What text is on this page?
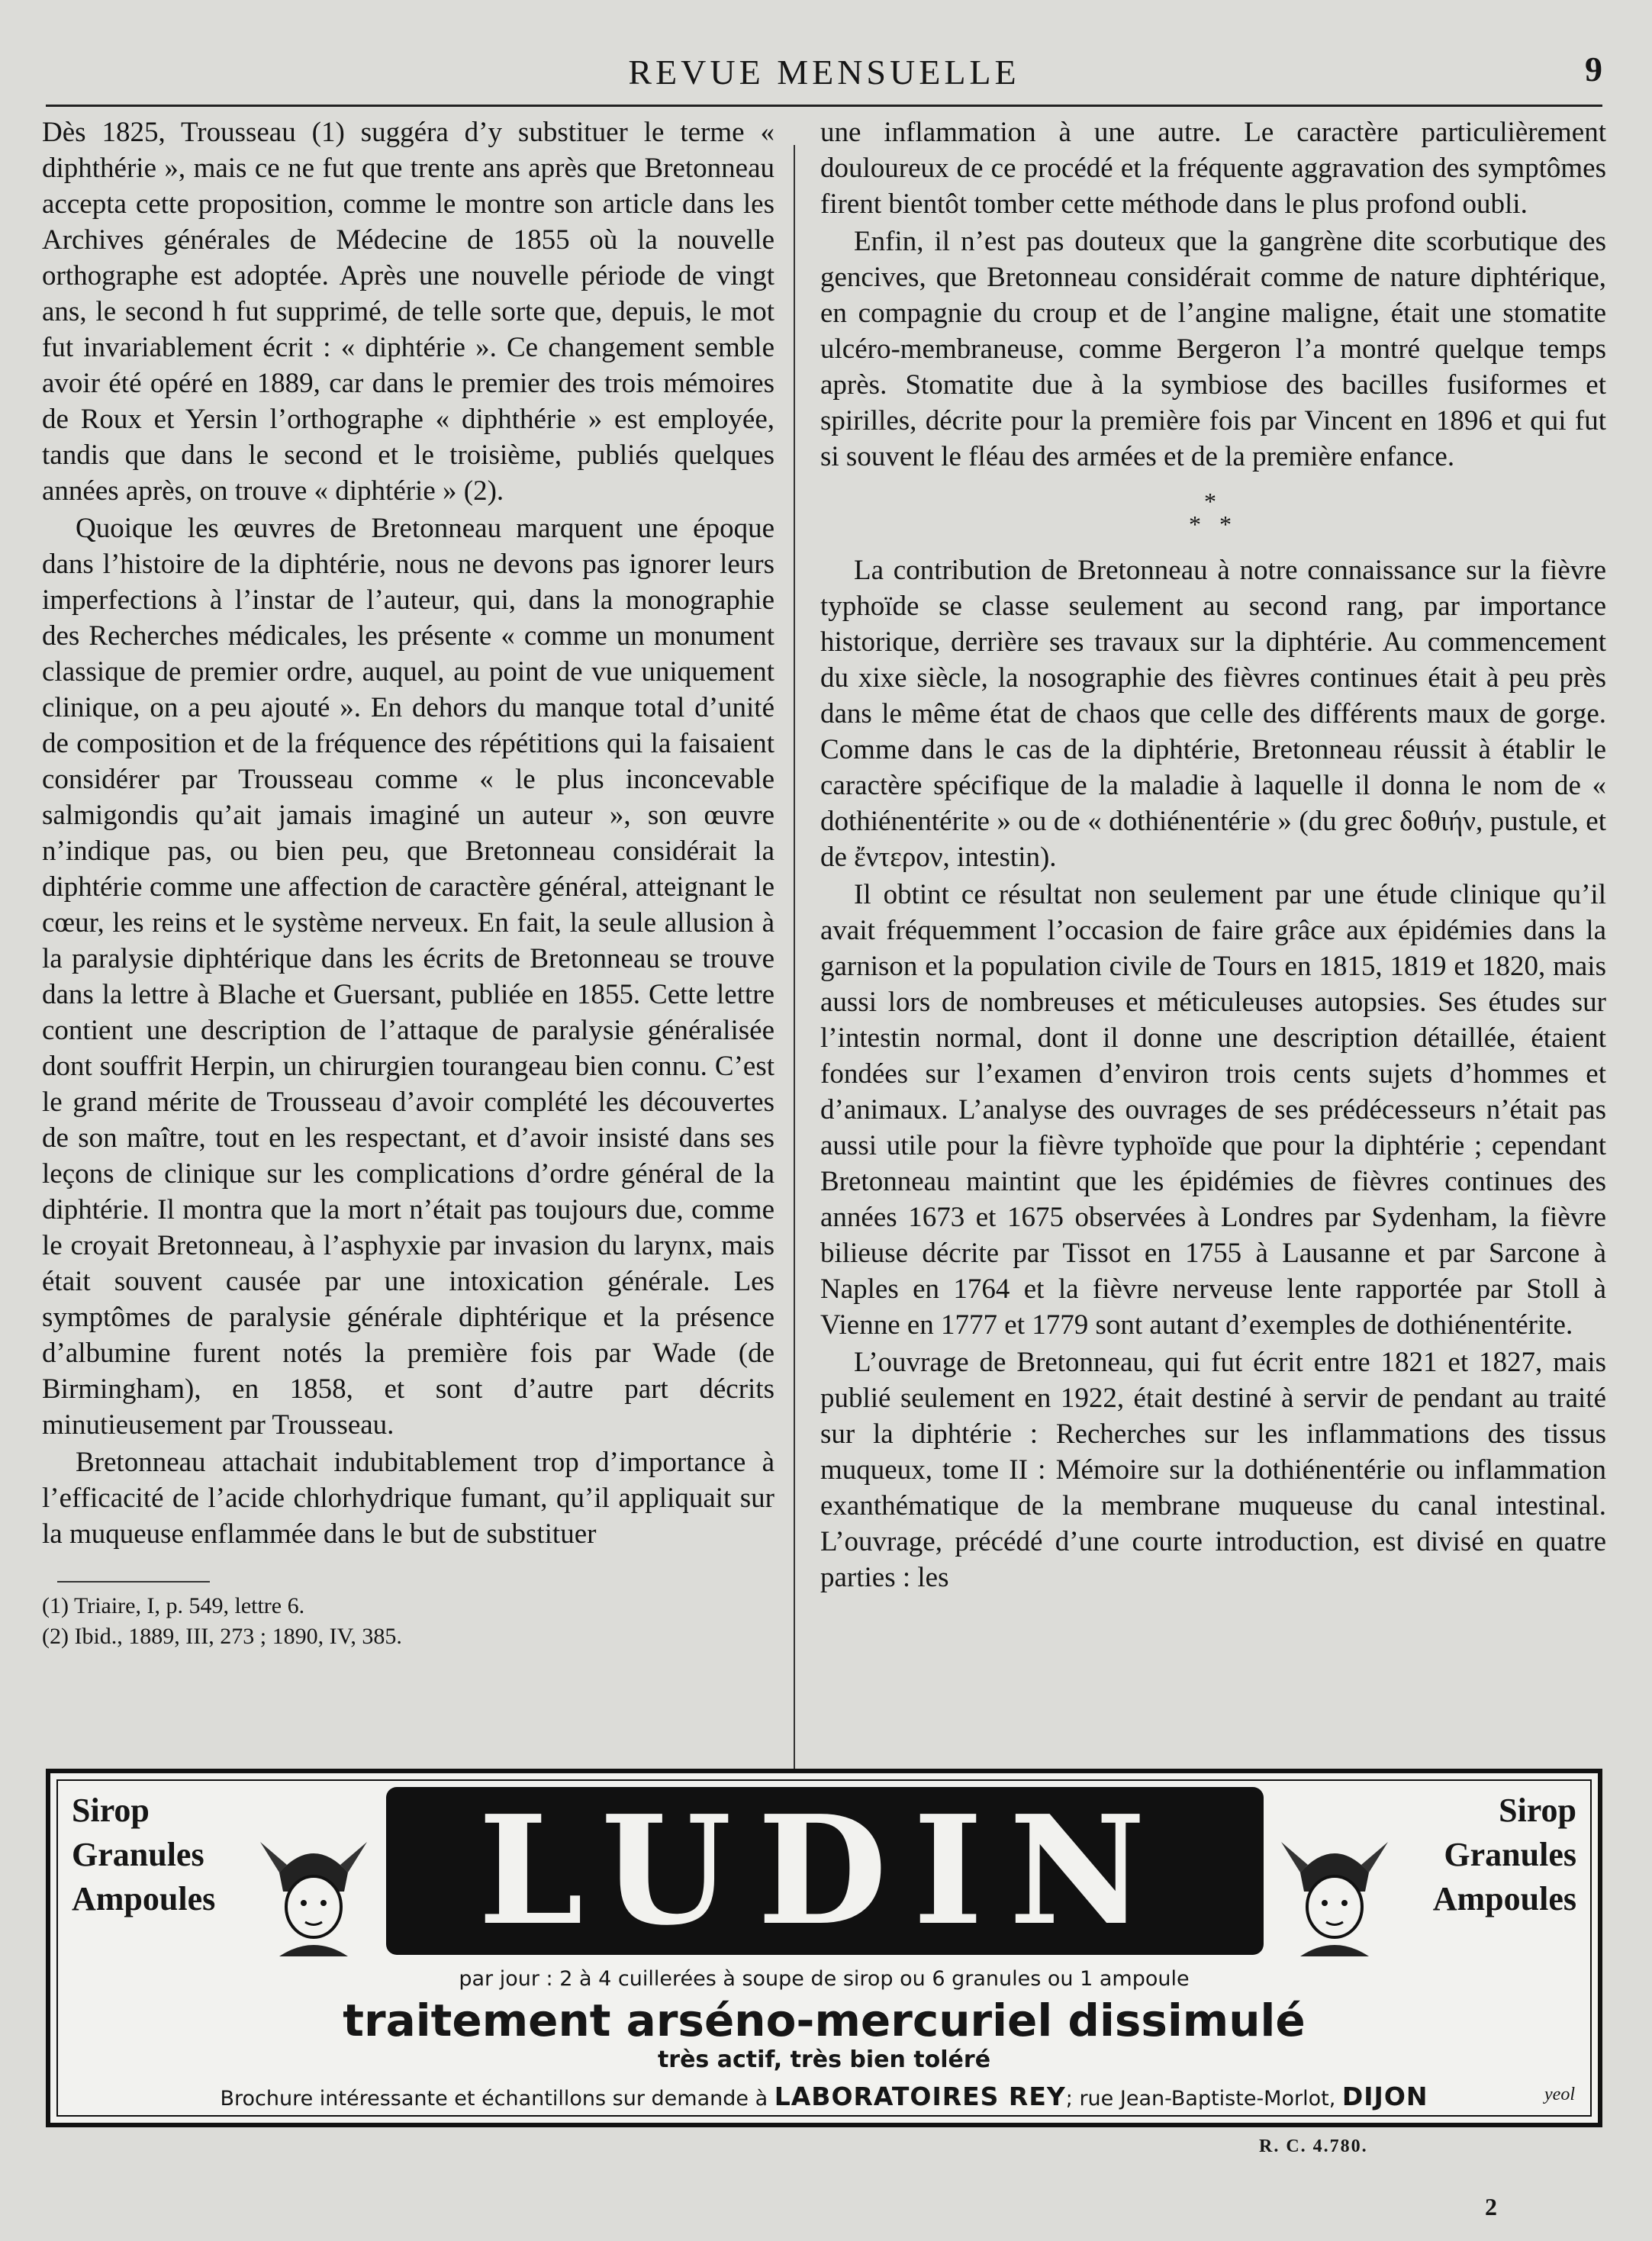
REVUE MENSUELLE	9

Dès 1825, Trousseau (1) suggéra d’y substituer le terme « diphthérie », mais ce ne fut que trente ans après que Bretonneau accepta cette proposition, comme le montre son article dans les Archives générales de Médecine de 1855 où la nouvelle orthographe est adoptée. Après une nouvelle période de vingt ans, le second h fut supprimé, de telle sorte que, depuis, le mot fut invariablement écrit : « diphtérie ». Ce changement semble avoir été opéré en 1889, car dans le premier des trois mémoires de Roux et Yersin l’orthographe « diphthérie » est employée, tandis que dans le second et le troisième, publiés quelques années après, on trouve « diphtérie » (2).

Quoique les œuvres de Bretonneau marquent une époque dans l’histoire de la diphtérie, nous ne devons pas ignorer leurs imperfections à l’instar de l’auteur, qui, dans la monographie des Recherches médicales, les présente « comme un monument classique de premier ordre, auquel, au point de vue uniquement clinique, on a peu ajouté ». En dehors du manque total d’unité de composition et de la fréquence des répétitions qui la faisaient considérer par Trousseau comme « le plus inconcevable salmigondis qu’ait jamais imaginé un auteur », son œuvre n’indique pas, ou bien peu, que Bretonneau considérait la diphtérie comme une affection de caractère général, atteignant le cœur, les reins et le système nerveux. En fait, la seule allusion à la paralysie diphtérique dans les écrits de Bretonneau se trouve dans la lettre à Blache et Guersant, publiée en 1855. Cette lettre contient une description de l’attaque de paralysie généralisée dont souffrit Herpin, un chirurgien tourangeau bien connu. C’est le grand mérite de Trousseau d’avoir complété les découvertes de son maître, tout en les respectant, et d’avoir insisté dans ses leçons de clinique sur les complications d’ordre général de la diphtérie. Il montra que la mort n’était pas toujours due, comme le croyait Bretonneau, à l’asphyxie par invasion du larynx, mais était souvent causée par une intoxication générale. Les symptômes de paralysie générale diphtérique et la présence d’albumine furent notés la première fois par Wade (de Birmingham), en 1858, et sont d’autre part décrits minutieusement par Trousseau.

Bretonneau attachait indubitablement trop d’importance à l’efficacité de l’acide chlorhydrique fumant, qu’il appliquait sur la muqueuse enflammée dans le but de substituer

(1) Triaire, I, p. 549, lettre 6.

(2) Ibid., 1889, III, 273 ; 1890, IV, 385.

une inflammation à une autre. Le caractère particulièrement douloureux de ce procédé et la fréquente aggravation des symptômes firent bientôt tomber cette méthode dans le plus profond oubli.

Enfin, il n’est pas douteux que la gangrène dite scorbutique des gencives, que Bretonneau considérait comme de nature diphtérique, en compagnie du croup et de l’angine maligne, était une stomatite ulcéro-membraneuse, comme Bergeron l’a montré quelque temps après. Stomatite due à la symbiose des bacilles fusiformes et spirilles, décrite pour la première fois par Vincent en 1896 et qui fut si souvent le fléau des armées et de la première enfance.

*
* *

La contribution de Bretonneau à notre connaissance sur la fièvre typhoïde se classe seulement au second rang, par importance historique, derrière ses travaux sur la diphtérie. Au commencement du xixe siècle, la nosographie des fièvres continues était à peu près dans le même état de chaos que celle des différents maux de gorge. Comme dans le cas de la diphtérie, Bretonneau réussit à établir le caractère spécifique de la maladie à laquelle il donna le nom de « dothiénentérite » ou de « dothiénentérie » (du grec δοθιήν, pustule, et de ἔντερον, intestin).

Il obtint ce résultat non seulement par une étude clinique qu’il avait fréquemment l’occasion de faire grâce aux épidémies dans la garnison et la population civile de Tours en 1815, 1819 et 1820, mais aussi lors de nombreuses et méticuleuses autopsies. Ses études sur l’intestin normal, dont il donne une description détaillée, étaient fondées sur l’examen d’environ trois cents sujets d’hommes et d’animaux. L’analyse des ouvrages de ses prédécesseurs n’était pas aussi utile pour la fièvre typhoïde que pour la diphtérie ; cependant Bretonneau maintint que les épidémies de fièvres continues des années 1673 et 1675 observées à Londres par Sydenham, la fièvre bilieuse décrite par Tissot en 1755 à Lausanne et par Sarcone à Naples en 1764 et la fièvre nerveuse lente rapportée par Stoll à Vienne en 1777 et 1779 sont autant d’exemples de dothiénentérite.

L’ouvrage de Bretonneau, qui fut écrit entre 1821 et 1827, mais publié seulement en 1922, était destiné à servir de pendant au traité sur la diphtérie : Recherches sur les inflammations des tissus muqueux, tome II : Mémoire sur la dothiénentérie ou inflammation exanthématique de la membrane muqueuse du canal intestinal. L’ouvrage, précédé d’une courte introduction, est divisé en quatre parties : les

Sirop
Granules
Ampoules	LUDIN	Sirop
Granules
Ampoules
par jour : 2 à 4 cuillerées à soupe de sirop ou 6 granules ou 1 ampoule
traitement arséno-mercuriel dissimulé
très actif, très bien toléré
Brochure intéressante et échantillons sur demande à LABORATOIRES REY; rue Jean-Baptiste-Morlot, DIJON	yeol
R. C. 4.780.
2
